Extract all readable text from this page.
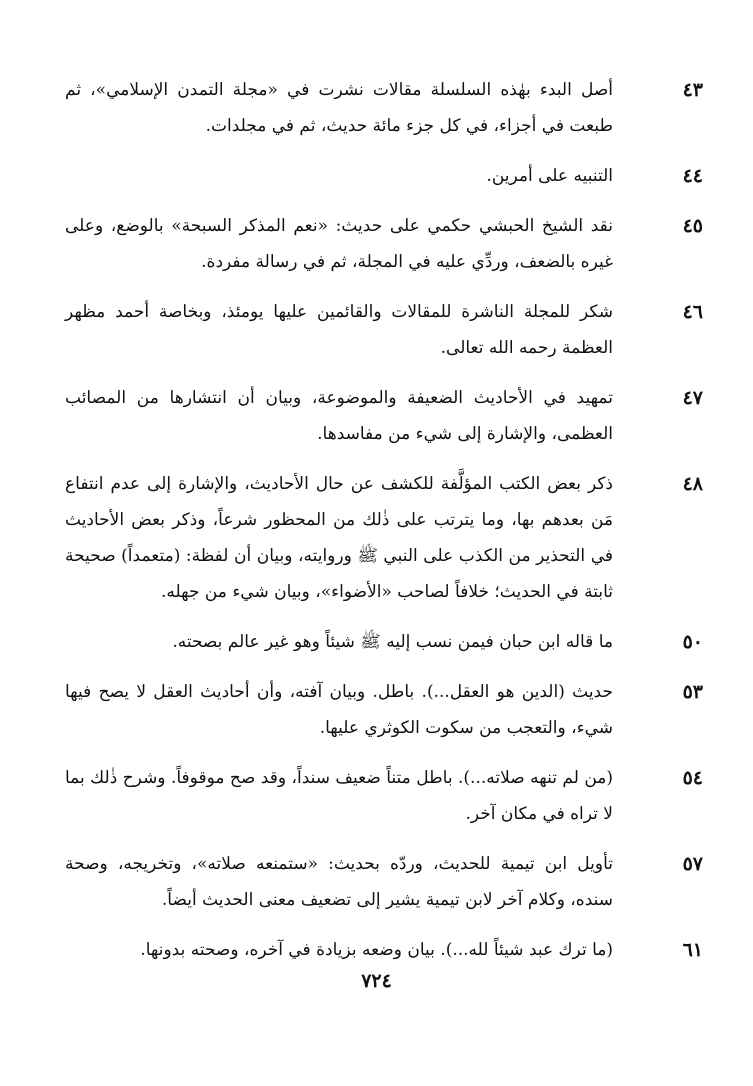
٤٣
أصل البدء بهٰذه السلسلة مقالات نشرت في «مجلة التمدن الإسلامي»، ثم طبعت في أجزاء، في كل جزء مائة حديث، ثم في مجلدات.
٤٤
التنبيه على أمرين.
٤٥
نقد الشيخ الحبشي حكمي على حديث: «نعم المذكر السبحة» بالوضع، وعلى غيره بالضعف، وردِّي عليه في المجلة، ثم في رسالة مفردة.
٤٦
شكر للمجلة الناشرة للمقالات والقائمين عليها يومئذ، وبخاصة أحمد مظهر العظمة رحمه الله تعالى.
٤٧
تمهيد في الأحاديث الضعيفة والموضوعة، وبيان أن انتشارها من المصائب العظمى، والإشارة إلى شيء من مفاسدها.
٤٨
ذكر بعض الكتب المؤلَّفة للكشف عن حال الأحاديث، والإشارة إلى عدم انتفاع مَن بعدهم بها، وما يترتب على ذٰلك من المحظور شرعاً، وذكر بعض الأحاديث في التحذير من الكذب على النبي ﷺ وروايته، وبيان أن لفظة: (متعمداً) صحيحة ثابتة في الحديث؛ خلافاً لصاحب «الأضواء»، وبيان شيء من جهله.
٥٠
ما قاله ابن حبان فيمن نسب إليه ﷺ شيئاً وهو غير عالم بصحته.
٥٣
حديث (الدين هو العقل...). باطل. وبيان آفته، وأن أحاديث العقل لا يصح فيها شيء، والتعجب من سكوت الكوثري عليها.
٥٤
(من لم تنهه صلاته...). باطل متناً ضعيف سنداً، وقد صح موقوفاً. وشرح ذٰلك بما لا تراه في مكان آخر.
٥٧
تأويل ابن تيمية للحديث، وردّه بحديث: «ستمنعه صلاته»، وتخريجه، وصحة سنده، وكلام آخر لابن تيمية يشير إلى تضعيف معنى الحديث أيضاً.
٦١
(ما ترك عبد شيئاً لله...). بيان وضعه بزيادة في آخره، وصحته بدونها.
٧٢٤
